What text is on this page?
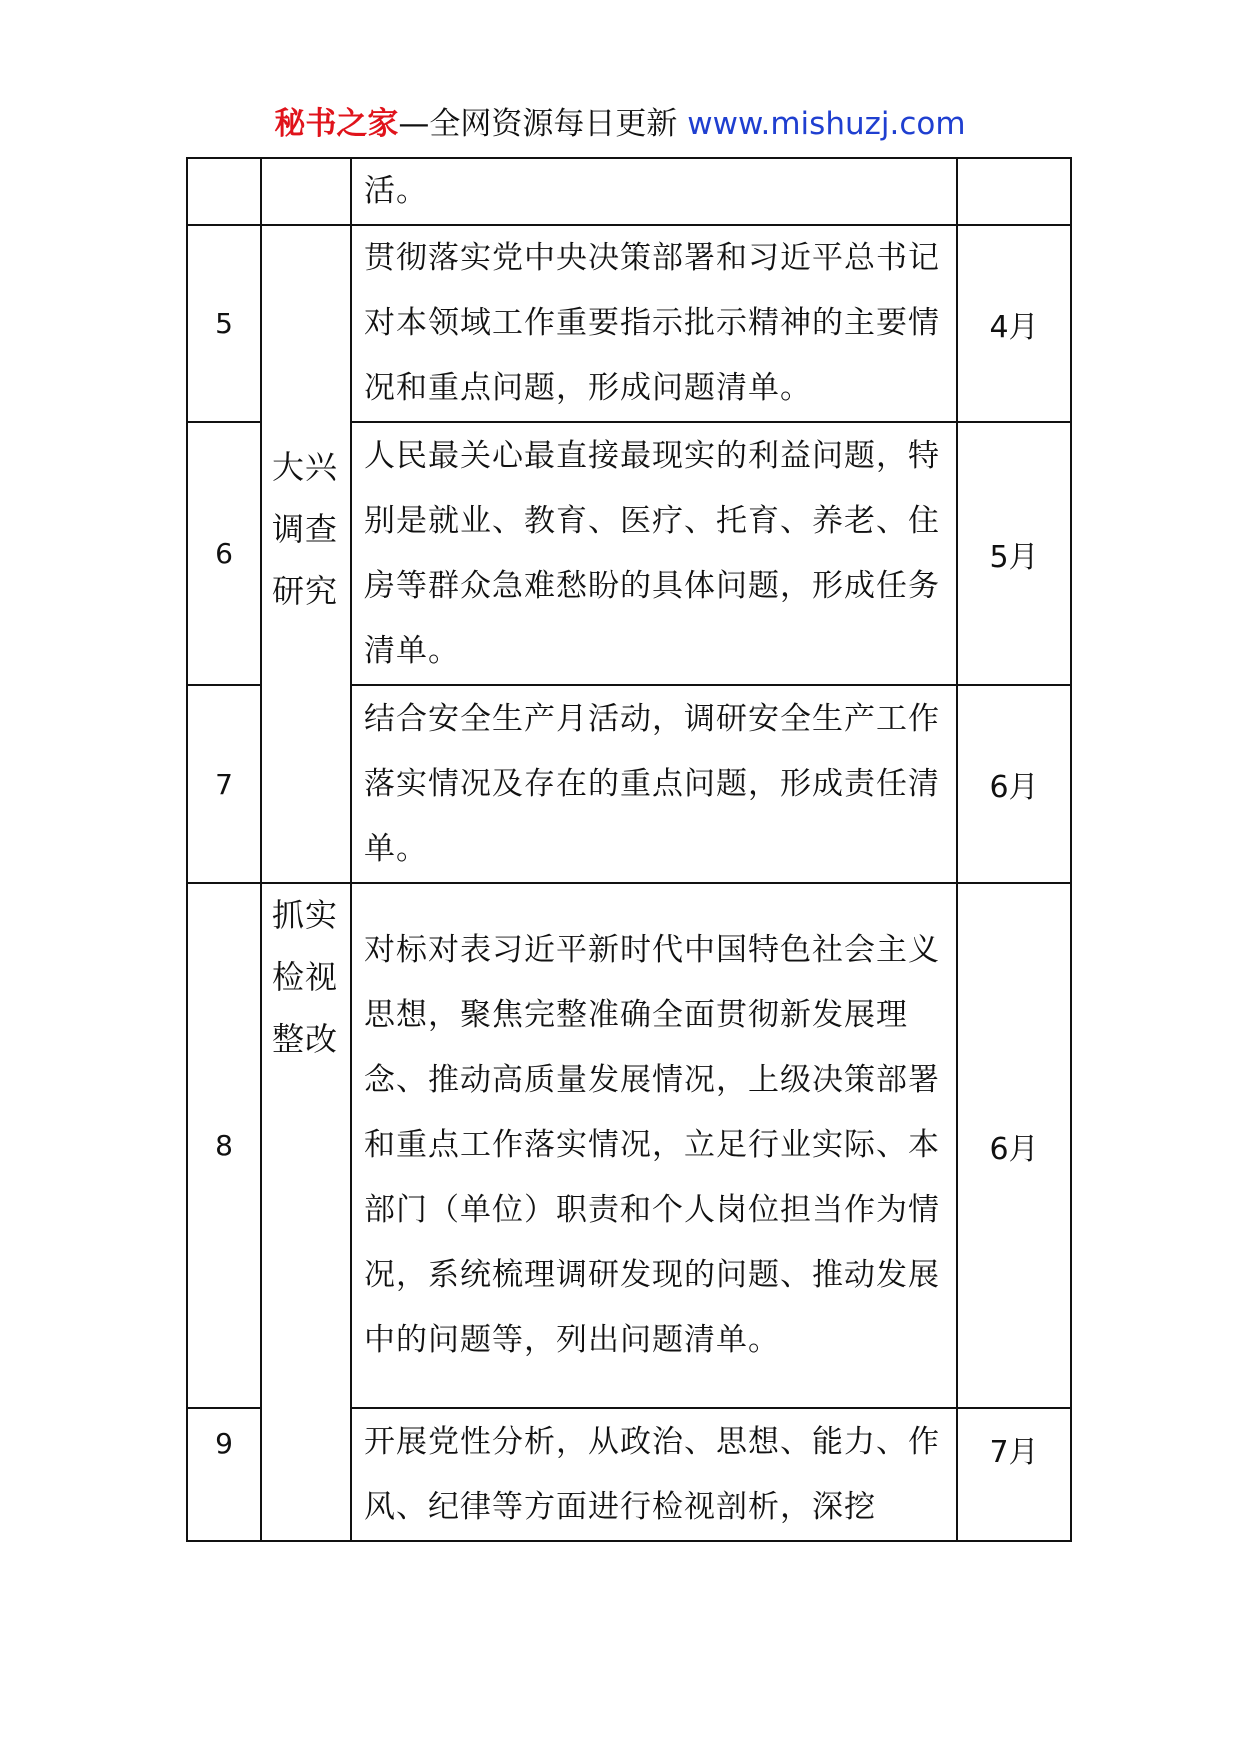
秘书之家—全网资源每日更新 www.mishuzj.com
		活。	
5	大兴
调查
研究	贯彻落实党中央决策部署和习近平总书记对本领域工作重要指示批示精神的主要情况和重点问题，形成问题清单。	4月
6		人民最关心最直接最现实的利益问题，特别是就业、教育、医疗、托育、养老、住房等群众急难愁盼的具体问题，形成任务清单。	5月
7		结合安全生产月活动，调研安全生产工作落实情况及存在的重点问题，形成责任清单。	6月
8	抓实
检视
整改	对标对表习近平新时代中国特色社会主义思想，聚焦完整准确全面贯彻新发展理念、推动高质量发展情况，上级决策部署和重点工作落实情况，立足行业实际、本部门（单位）职责和个人岗位担当作为情况，系统梳理调研发现的问题、推动发展中的问题等，列出问题清单。	6月
9		开展党性分析，从政治、思想、能力、作风、纪律等方面进行检视剖析，深挖	7月
